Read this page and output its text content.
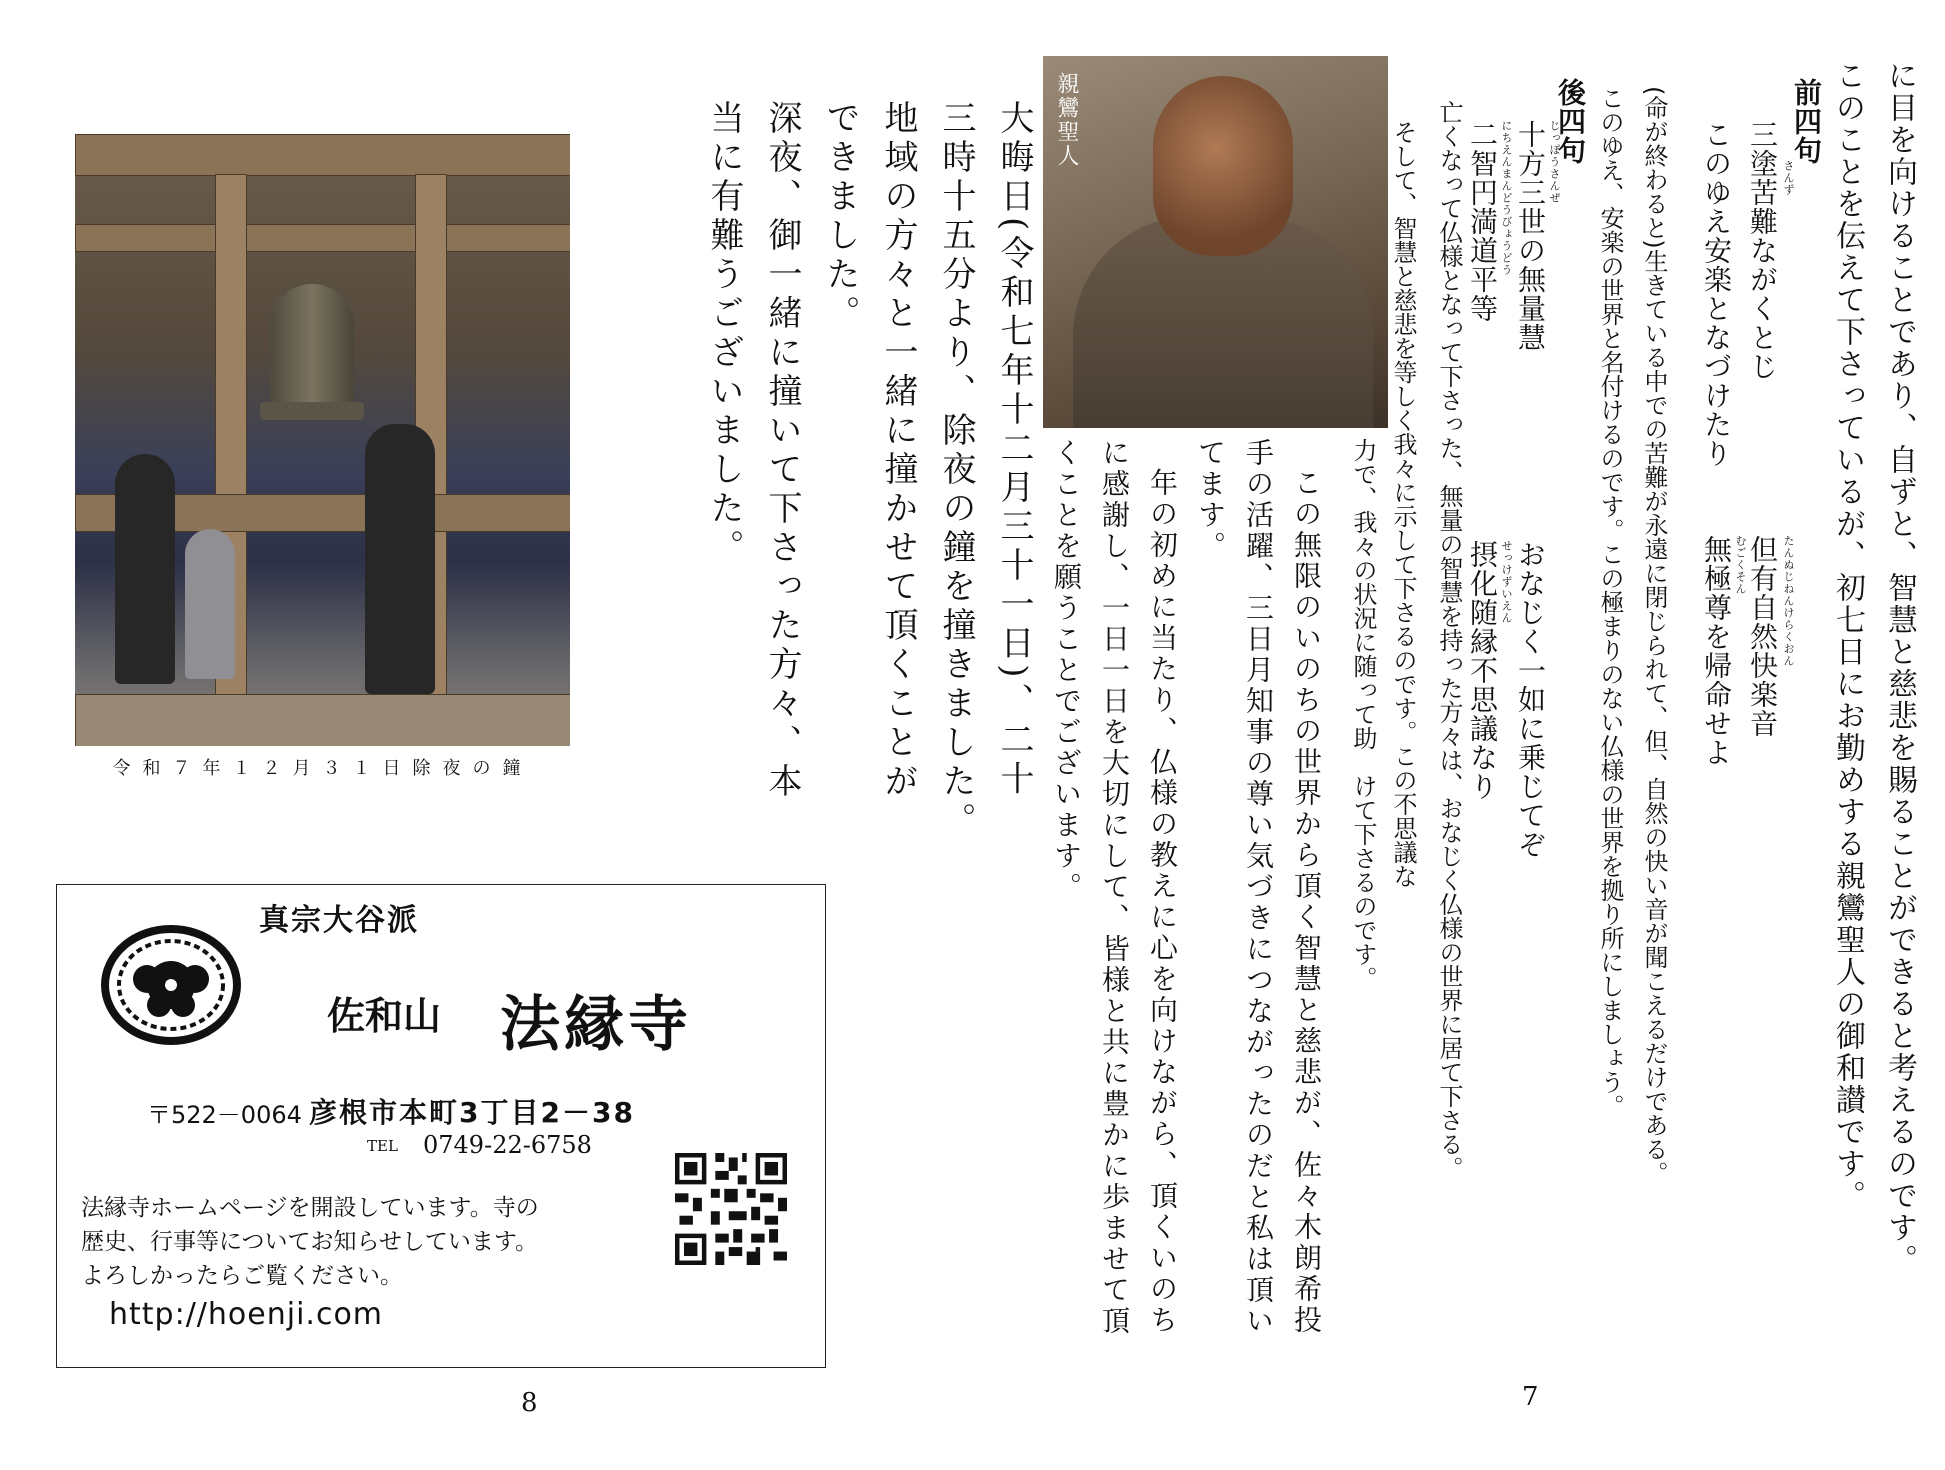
令和７年１２月３１日除夜の鐘	大晦日(令和七年十二月三十一日)、二十
三時十五分より、除夜の鐘を撞きました。
地域の方々と一緒に撞かせて頂くことが
できました。
深夜、御一緒に撞いて下さった方々、本
当に有難うございました。
真宗大谷派
佐和山 法縁寺
〒522－0064 彦根市本町3丁目2－38
TEL 0749-22-6758
法縁寺ホームページを開設しています。寺の
歴史、行事等についてお知らせしています。
よろしかったらご覧ください。
http://hoenji.com
8
に目を向けることであり、自ずと、智慧と慈悲を賜ることができると考えるのです。
このことを伝えて下さっているが、初七日にお勤めする親鸞聖人の御和讃です。
前四句
さんず
三塗苦難ながくとじ
このゆえ安楽となづけたり
たんぬじねんけらくおん
但有自然快楽音
むごくそん
無極尊を帰命せよ
(命が終わると)生きている中での苦難が永遠に閉じられて、但、自然の快い音が聞こえるだけである。
このゆえ、安楽の世界と名付けるのです。この極まりのない仏様の世界を拠り所にしましょう。
後四句
じっぽうさんぜ
十方三世の無量慧
にちえんまんどうびょうどう
二智円満道平等
おなじく一如に乗じてぞ
せっけずいえん
摂化随縁不思議なり
亡くなって仏様となって下さった、無量の智慧を持った方々は、おなじく仏様の世界に居て下さる。
そして、智慧と慈悲を等しく我々に示して下さるのです。この不思議な
親鸞聖人
力で、我々の状況に随って助　けて下さるのです。
この無限のいのちの世界から頂く智慧と慈悲が、佐々木朗希投
手の活躍、三日月知事の尊い気づきにつながったのだと私は頂い
てます。
年の初めに当たり、仏様の教えに心を向けながら、頂くいのち
に感謝し、一日一日を大切にして、皆様と共に豊かに歩ませて頂
くことを願うことでございます。
7
